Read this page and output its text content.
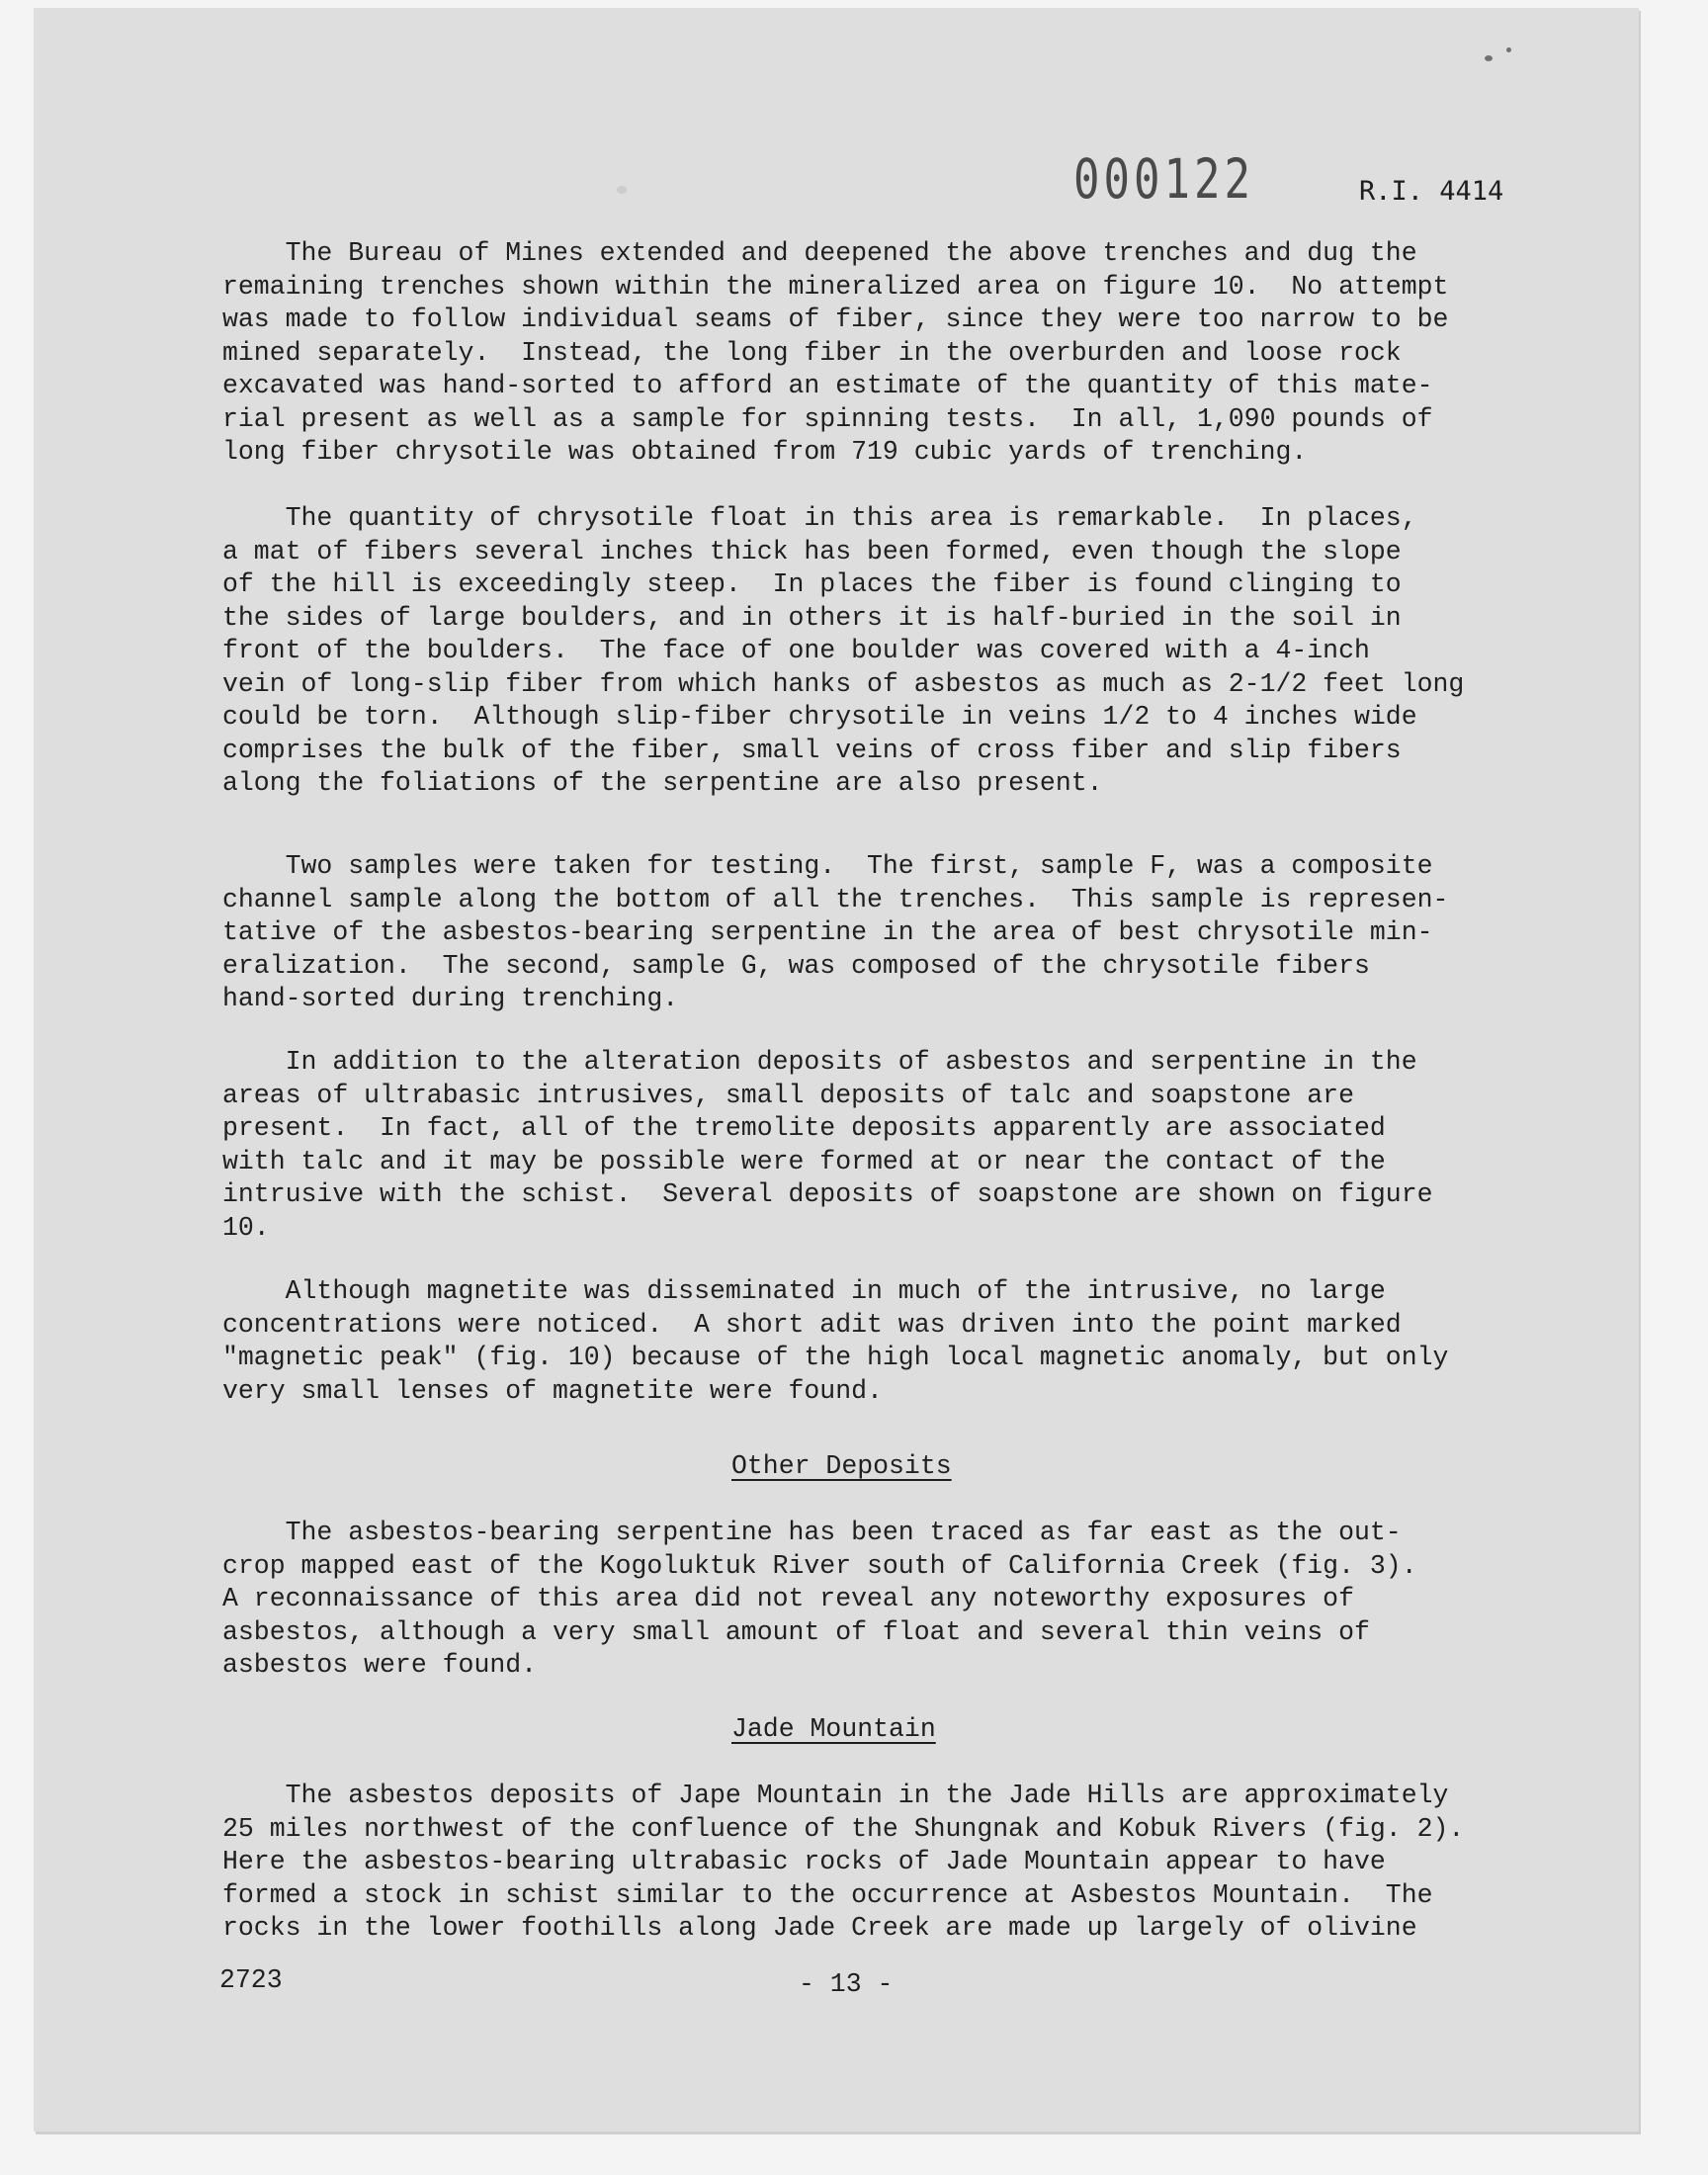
000122	R.I. 4414
The Bureau of Mines extended and deepened the above trenches and dug the
remaining trenches shown within the mineralized area on figure 10.  No attempt
was made to follow individual seams of fiber, since they were too narrow to be
mined separately.  Instead, the long fiber in the overburden and loose rock
excavated was hand-sorted to afford an estimate of the quantity of this mate-
rial present as well as a sample for spinning tests.  In all, 1,090 pounds of
long fiber chrysotile was obtained from 719 cubic yards of trenching.
The quantity of chrysotile float in this area is remarkable.  In places,
a mat of fibers several inches thick has been formed, even though the slope
of the hill is exceedingly steep.  In places the fiber is found clinging to
the sides of large boulders, and in others it is half-buried in the soil in
front of the boulders.  The face of one boulder was covered with a 4-inch
vein of long-slip fiber from which hanks of asbestos as much as 2-1/2 feet long
could be torn.  Although slip-fiber chrysotile in veins 1/2 to 4 inches wide
comprises the bulk of the fiber, small veins of cross fiber and slip fibers
along the foliations of the serpentine are also present.
Two samples were taken for testing.  The first, sample F, was a composite
channel sample along the bottom of all the trenches.  This sample is represen-
tative of the asbestos-bearing serpentine in the area of best chrysotile min-
eralization.  The second, sample G, was composed of the chrysotile fibers
hand-sorted during trenching.
In addition to the alteration deposits of asbestos and serpentine in the
areas of ultrabasic intrusives, small deposits of talc and soapstone are
present.  In fact, all of the tremolite deposits apparently are associated
with talc and it may be possible were formed at or near the contact of the
intrusive with the schist.  Several deposits of soapstone are shown on figure
10.
Although magnetite was disseminated in much of the intrusive, no large
concentrations were noticed.  A short adit was driven into the point marked
"magnetic peak" (fig. 10) because of the high local magnetic anomaly, but only
very small lenses of magnetite were found.
Other Deposits
The asbestos-bearing serpentine has been traced as far east as the out-
crop mapped east of the Kogoluktuk River south of California Creek (fig. 3).
A reconnaissance of this area did not reveal any noteworthy exposures of
asbestos, although a very small amount of float and several thin veins of
asbestos were found.
Jade Mountain
The asbestos deposits of Jape Mountain in the Jade Hills are approximately
25 miles northwest of the confluence of the Shungnak and Kobuk Rivers (fig. 2).
Here the asbestos-bearing ultrabasic rocks of Jade Mountain appear to have
formed a stock in schist similar to the occurrence at Asbestos Mountain.  The
rocks in the lower foothills along Jade Creek are made up largely of olivine
2723	- 13 -
